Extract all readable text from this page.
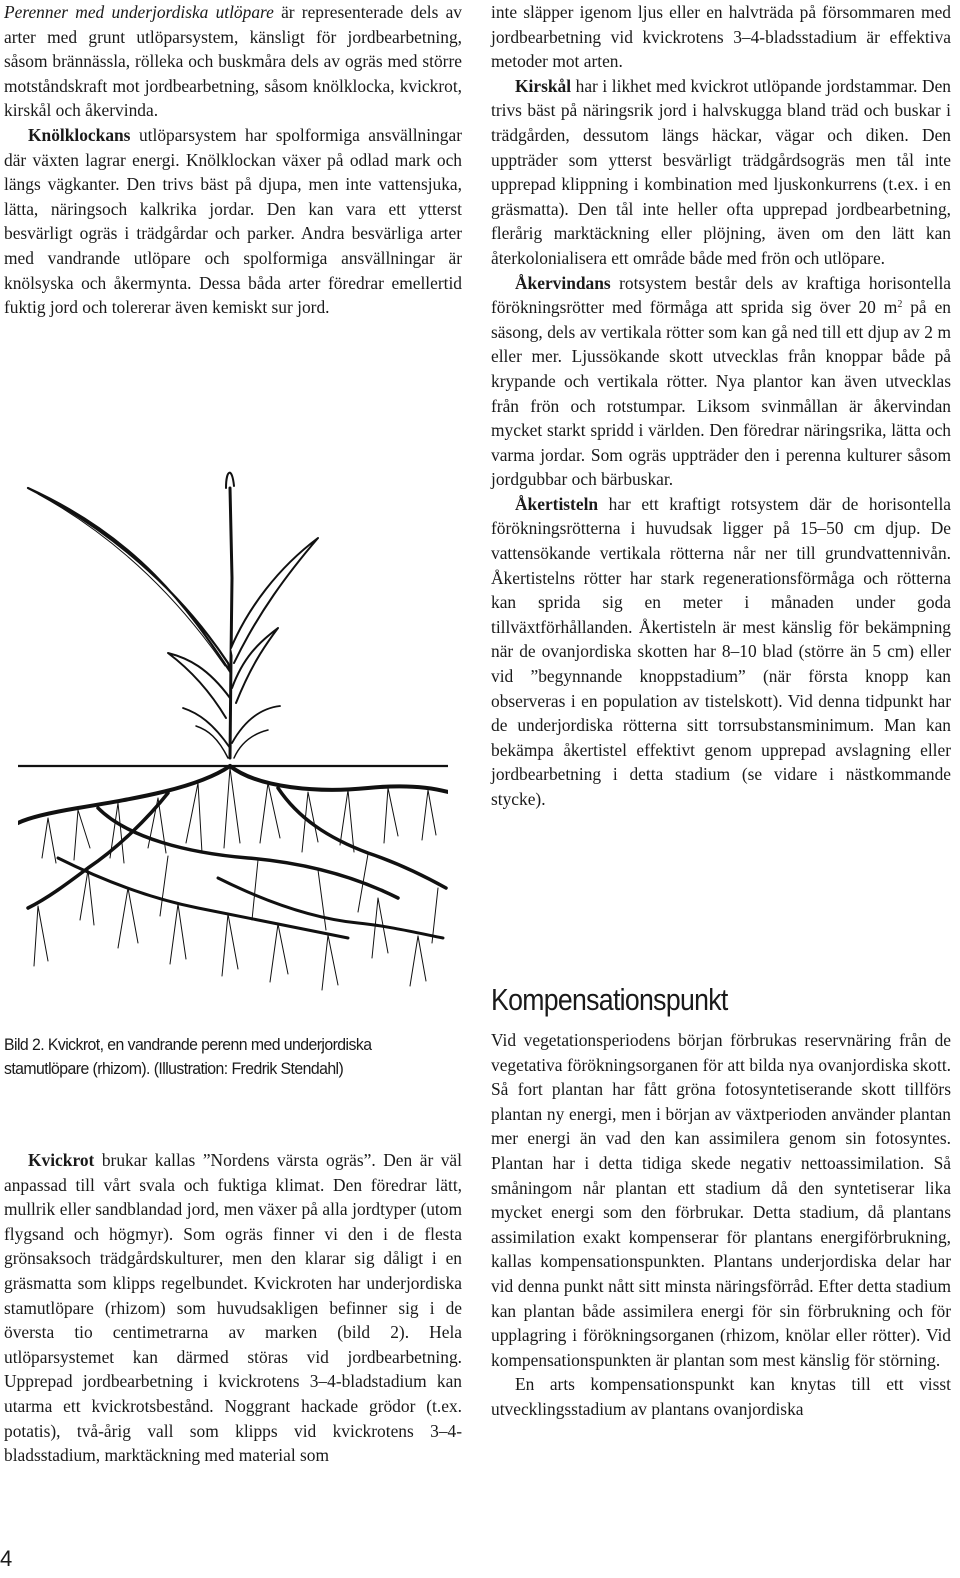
Perenner med underjordiska utlöpare är representerade dels av arter med grunt utlöparsystem, känsligt för jordbearbetning, såsom brännässla, rölleka och buskmåra dels av ogräs med större motståndskraft mot jordbearbetning, såsom knölklocka, kvickrot, kirskål och åkervinda.

Knölklockans utlöparsystem har spolformiga ansvällningar där växten lagrar energi. Knölklockan växer på odlad mark och längs vägkanter. Den trivs bäst på djupa, men inte vattensjuka, lätta, näringsoch kalkrika jordar. Den kan vara ett ytterst besvärligt ogräs i trädgårdar och parker. Andra besvärliga arter med vandrande utlöpare och spolformiga ansvällningar är knölsyska och åkermynta. Dessa båda arter föredrar emellertid fuktig jord och tolererar även kemiskt sur jord.

Bild 2. Kvickrot, en vandrande perenn med underjordiska stamutlöpare (rhizom). (Illustration: Fredrik Stendahl)

Kvickrot brukar kallas ”Nordens värsta ogräs”. Den är väl anpassad till vårt svala och fuktiga klimat. Den föredrar lätt, mullrik eller sandblandad jord, men växer på alla jordtyper (utom flygsand och högmyr). Som ogräs finner vi den i de flesta grönsaksoch trädgårdskulturer, men den klarar sig dåligt i en gräsmatta som klipps regelbundet. Kvickroten har underjordiska stamutlöpare (rhizom) som huvudsakligen befinner sig i de översta tio centimetrarna av marken (bild 2). Hela utlöparsystemet kan därmed störas vid jordbearbetning. Upprepad jordbearbetning i kvickrotens 3–4-bladstadium kan utarma ett kvickrotsbestånd. Noggrant hackade grödor (t.ex. potatis), två-årig vall som klipps vid kvickrotens 3–4-bladsstadium, marktäckning med material som

inte släpper igenom ljus eller en halvträda på försommaren med jordbearbetning vid kvickrotens 3–4-bladsstadium är effektiva metoder mot arten.

Kirskål har i likhet med kvickrot utlöpande jordstammar. Den trivs bäst på näringsrik jord i halvskugga bland träd och buskar i trädgården, dessutom längs häckar, vägar och diken. Den uppträder som ytterst besvärligt trädgårdsogräs men tål inte upprepad klippning i kombination med ljuskonkurrens (t.ex. i en gräsmatta). Den tål inte heller ofta upprepad jordbearbetning, flerårig marktäckning eller plöjning, även om den lätt kan återkolonialisera ett område både med frön och utlöpare.

Åkervindans rotsystem består dels av kraftiga horisontella förökningsrötter med förmåga att sprida sig över 20 $m^2$ på en säsong, dels av vertikala rötter som kan gå ned till ett djup av 2 m eller mer. Ljussökande skott utvecklas från knoppar både på krypande och vertikala rötter. Nya plantor kan även utvecklas från frön och rotstumpar. Liksom svinmållan är åkervindan mycket starkt spridd i världen. Den föredrar näringsrika, lätta och varma jordar. Som ogräs uppträder den i perenna kulturer såsom jordgubbar och bärbuskar.

Åkertisteln har ett kraftigt rotsystem där de horisontella förökningsrötterna i huvudsak ligger på 15–50 cm djup. De vattensökande vertikala rötterna når ner till grundvattennivån. Åkertistelns rötter har stark regenerationsförmåga och rötterna kan sprida sig en meter i månaden under goda tillväxtförhållanden. Åkertisteln är mest känslig för bekämpning när de ovanjordiska skotten har 8–10 blad (större än 5 cm) eller vid ”begynnande knoppstadium” (när första knopp kan observeras i en population av tistelskott). Vid denna tidpunkt har de underjordiska rötterna sitt torrsubstansminimum. Man kan bekämpa åkertistel effektivt genom upprepad avslagning eller jordbearbetning i detta stadium (se vidare i nästkommande stycke).

Kompensationspunkt

Vid vegetationsperiodens början förbrukas reservnäring från de vegetativa förökningsorganen för att bilda nya ovanjordiska skott. Så fort plantan har fått gröna fotosyntetiserande skott tillförs plantan ny energi, men i början av växtperioden använder plantan mer energi än vad den kan assimilera genom sin fotosyntes. Plantan har i detta tidiga skede negativ nettoassimilation. Så småningom når plantan ett stadium då den syntetiserar lika mycket energi som den förbrukar. Detta stadium, då plantans assimilation exakt kompenserar för plantans energiförbrukning, kallas kompensationspunkten. Plantans underjordiska delar har vid denna punkt nått sitt minsta näringsförråd. Efter detta stadium kan plantan både assimilera energi för sin förbrukning och för upplagring i förökningsorganen (rhizom, knölar eller rötter). Vid kompensationspunkten är plantan som mest känslig för störning.

En arts kompensationspunkt kan knytas till ett visst utvecklingsstadium av plantans ovanjordiska

4
